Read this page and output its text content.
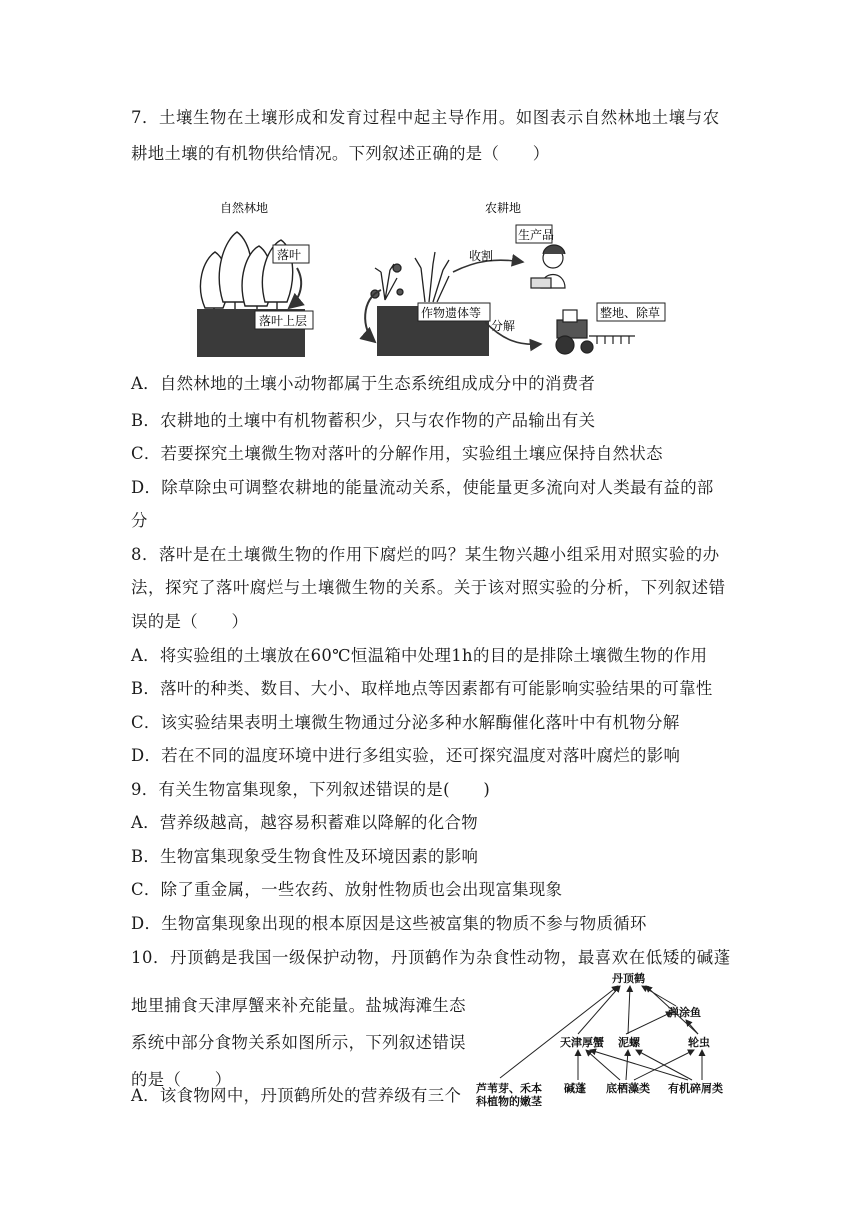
7．土壤生物在土壤形成和发育过程中起主导作用。如图表示自然林地土壤与农
耕地土壤的有机物供给情况。下列叙述正确的是（　　）
自然林地
落叶
落叶上层
农耕地
作物遗体等
收割
生产品
分解
整地、除草
A．自然林地的土壤小动物都属于生态系统组成成分中的消费者
B．农耕地的土壤中有机物蓄积少，只与农作物的产品输出有关
C．若要探究土壤微生物对落叶的分解作用，实验组土壤应保持自然状态
D．除草除虫可调整农耕地的能量流动关系，使能量更多流向对人类最有益的部
分
8．落叶是在土壤微生物的作用下腐烂的吗？某生物兴趣小组采用对照实验的办
法，探究了落叶腐烂与土壤微生物的关系。关于该对照实验的分析，下列叙述错
误的是（　　）
A．将实验组的土壤放在60℃恒温箱中处理1h的目的是排除土壤微生物的作用
B．落叶的种类、数目、大小、取样地点等因素都有可能影响实验结果的可靠性
C．该实验结果表明土壤微生物通过分泌多种水解酶催化落叶中有机物分解
D．若在不同的温度环境中进行多组实验，还可探究温度对落叶腐烂的影响
9．有关生物富集现象，下列叙述错误的是(　　)
A．营养级越高，越容易积蓄难以降解的化合物
B．生物富集现象受生物食性及环境因素的影响
C．除了重金属，一些农药、放射性物质也会出现富集现象
D．生物富集现象出现的根本原因是这些被富集的物质不参与物质循环
10．丹顶鹤是我国一级保护动物，丹顶鹤作为杂食性动物，最喜欢在低矮的碱蓬
地里捕食天津厚蟹来补充能量。盐城海滩生态系统中部分食物关系如图所示，下列叙述错误的是（　　）
A．该食物网中，丹顶鹤所处的营养级有三个
丹顶鹤
弹涂鱼
天津厚蟹 泥螺	轮虫
芦苇芽、禾本
科植物的嫩茎
碱蓬 底栖藻类 有机碎屑类
